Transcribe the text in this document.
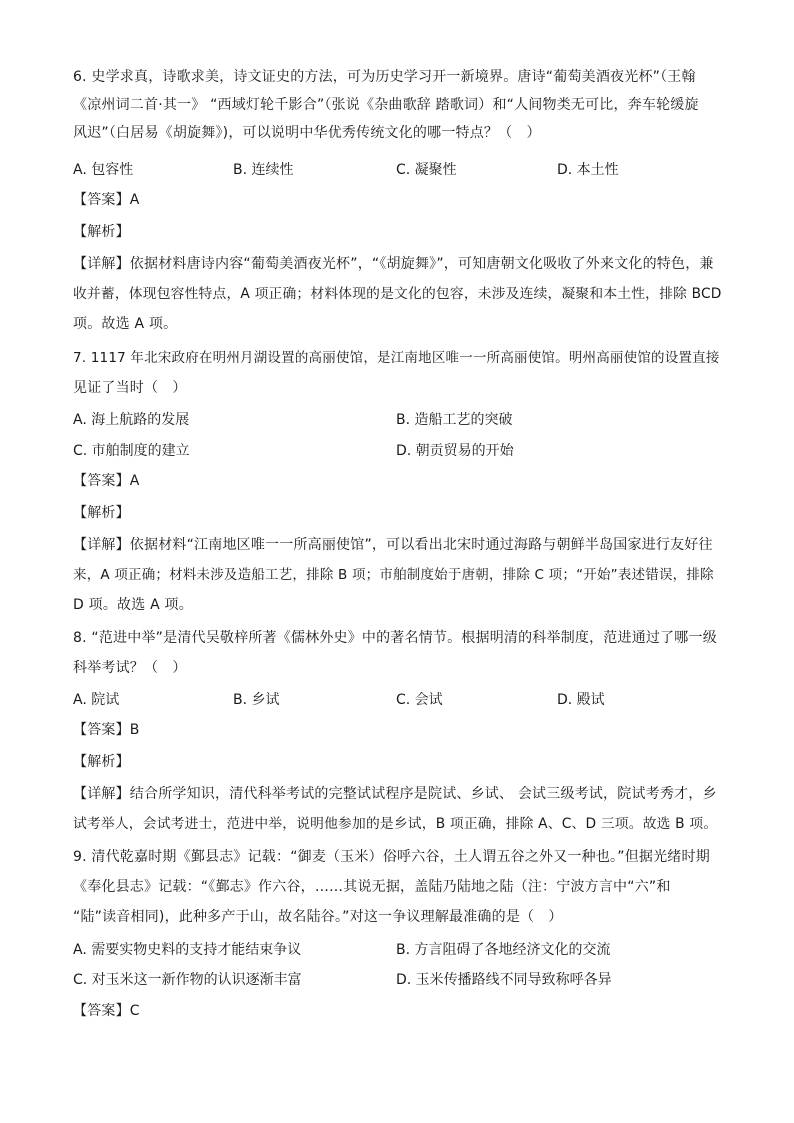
6. 史学求真，诗歌求美，诗文证史的方法，可为历史学习开一新境界。唐诗“葡萄美酒夜光杯”（王翰
《凉州词二首·其一》 “西域灯轮千影合”（张说《杂曲歌辞 踏歌词）和“人间物类无可比，奔车轮缓旋
风迟”（白居易《胡旋舞》)，可以说明中华优秀传统文化的哪一特点？（　）
A. 包容性	B. 连续性	C. 凝聚性	D. 本土性
【答案】A
【解析】
【详解】依据材料唐诗内容“葡萄美酒夜光杯”，“《胡旋舞》”，可知唐朝文化吸收了外来文化的特色，兼
收并蓄，体现包容性特点，A 项正确；材料体现的是文化的包容，未涉及连续，凝聚和本土性，排除 BCD
项。故选 A 项。
7. 1117 年北宋政府在明州月湖设置的高丽使馆，是江南地区唯一一所高丽使馆。明州高丽使馆的设置直接
见证了当时（　）
A. 海上航路的发展	B. 造船工艺的突破
C. 市舶制度的建立	D. 朝贡贸易的开始
【答案】A
【解析】
【详解】依据材料“江南地区唯一一所高丽使馆”，可以看出北宋时通过海路与朝鲜半岛国家进行友好往
来，A 项正确；材料未涉及造船工艺，排除 B 项；市舶制度始于唐朝，排除 C 项；“开始”表述错误，排除
D 项。故选 A 项。
8. “范进中举”是清代吴敬梓所著《儒林外史》中的著名情节。根据明清的科举制度，范进通过了哪一级
科举考试？（　）
A. 院试	B. 乡试	C. 会试	D. 殿试
【答案】B
【解析】
【详解】结合所学知识，清代科举考试的完整试试程序是院试、乡试、 会试三级考试，院试考秀才，乡
试考举人，会试考进士，范进中举，说明他参加的是乡试，B 项正确，排除 A、C、D 三项。故选 B 项。
9. 清代乾嘉时期《鄞县志》记载：“御麦（玉米）俗呼六谷，土人谓五谷之外又一种也。”但据光绪时期
《奉化县志》记载：“《鄞志》作六谷，……其说无据，盖陆乃陆地之陆（注：宁波方言中“六”和
“陆”读音相同)，此种多产于山，故名陆谷。”对这一争议理解最准确的是（　）
A. 需要实物史料的支持才能结束争议	B. 方言阻碍了各地经济文化的交流
C. 对玉米这一新作物的认识逐渐丰富	D. 玉米传播路线不同导致称呼各异
【答案】C
